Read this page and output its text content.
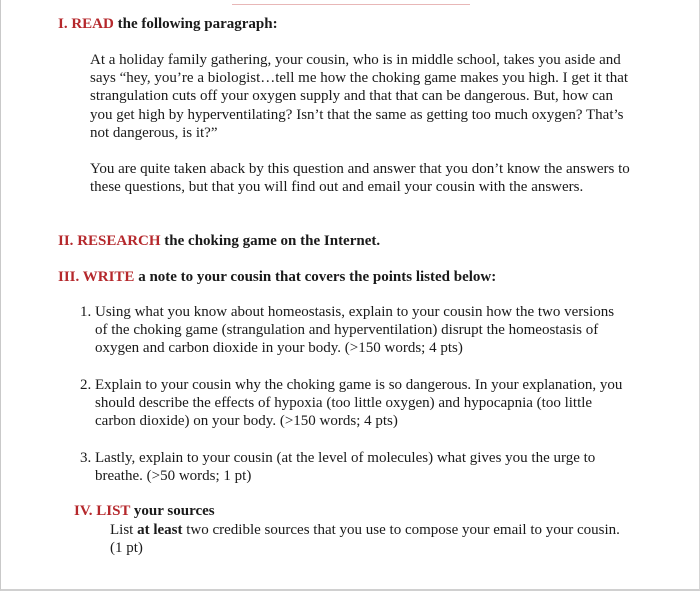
I. READ the following paragraph:

At a holiday family gathering, your cousin, who is in middle school, takes you aside and says “hey, you’re a biologist…tell me how the choking game makes you high. I get it that strangulation cuts off your oxygen supply and that that can be dangerous. But, how can you get high by hyperventilating? Isn’t that the same as getting too much oxygen? That’s not dangerous, is it?”

You are quite taken aback by this question and answer that you don’t know the answers to these questions, but that you will find out and email your cousin with the answers.

II. RESEARCH the choking game on the Internet.
III. WRITE a note to your cousin that covers the points listed below:
1. Using what you know about homeostasis, explain to your cousin how the two versions of the choking game (strangulation and hyperventilation) disrupt the homeostasis of oxygen and carbon dioxide in your body. (>150 words; 4 pts)
2. Explain to your cousin why the choking game is so dangerous. In your explanation, you should describe the effects of hypoxia (too little oxygen) and hypocapnia (too little carbon dioxide) on your body. (>150 words; 4 pts)
3. Lastly, explain to your cousin (at the level of molecules) what gives you the urge to breathe. (>50 words; 1 pt)
IV. LIST your sources
List at least two credible sources that you use to compose your email to your cousin. (1 pt)
